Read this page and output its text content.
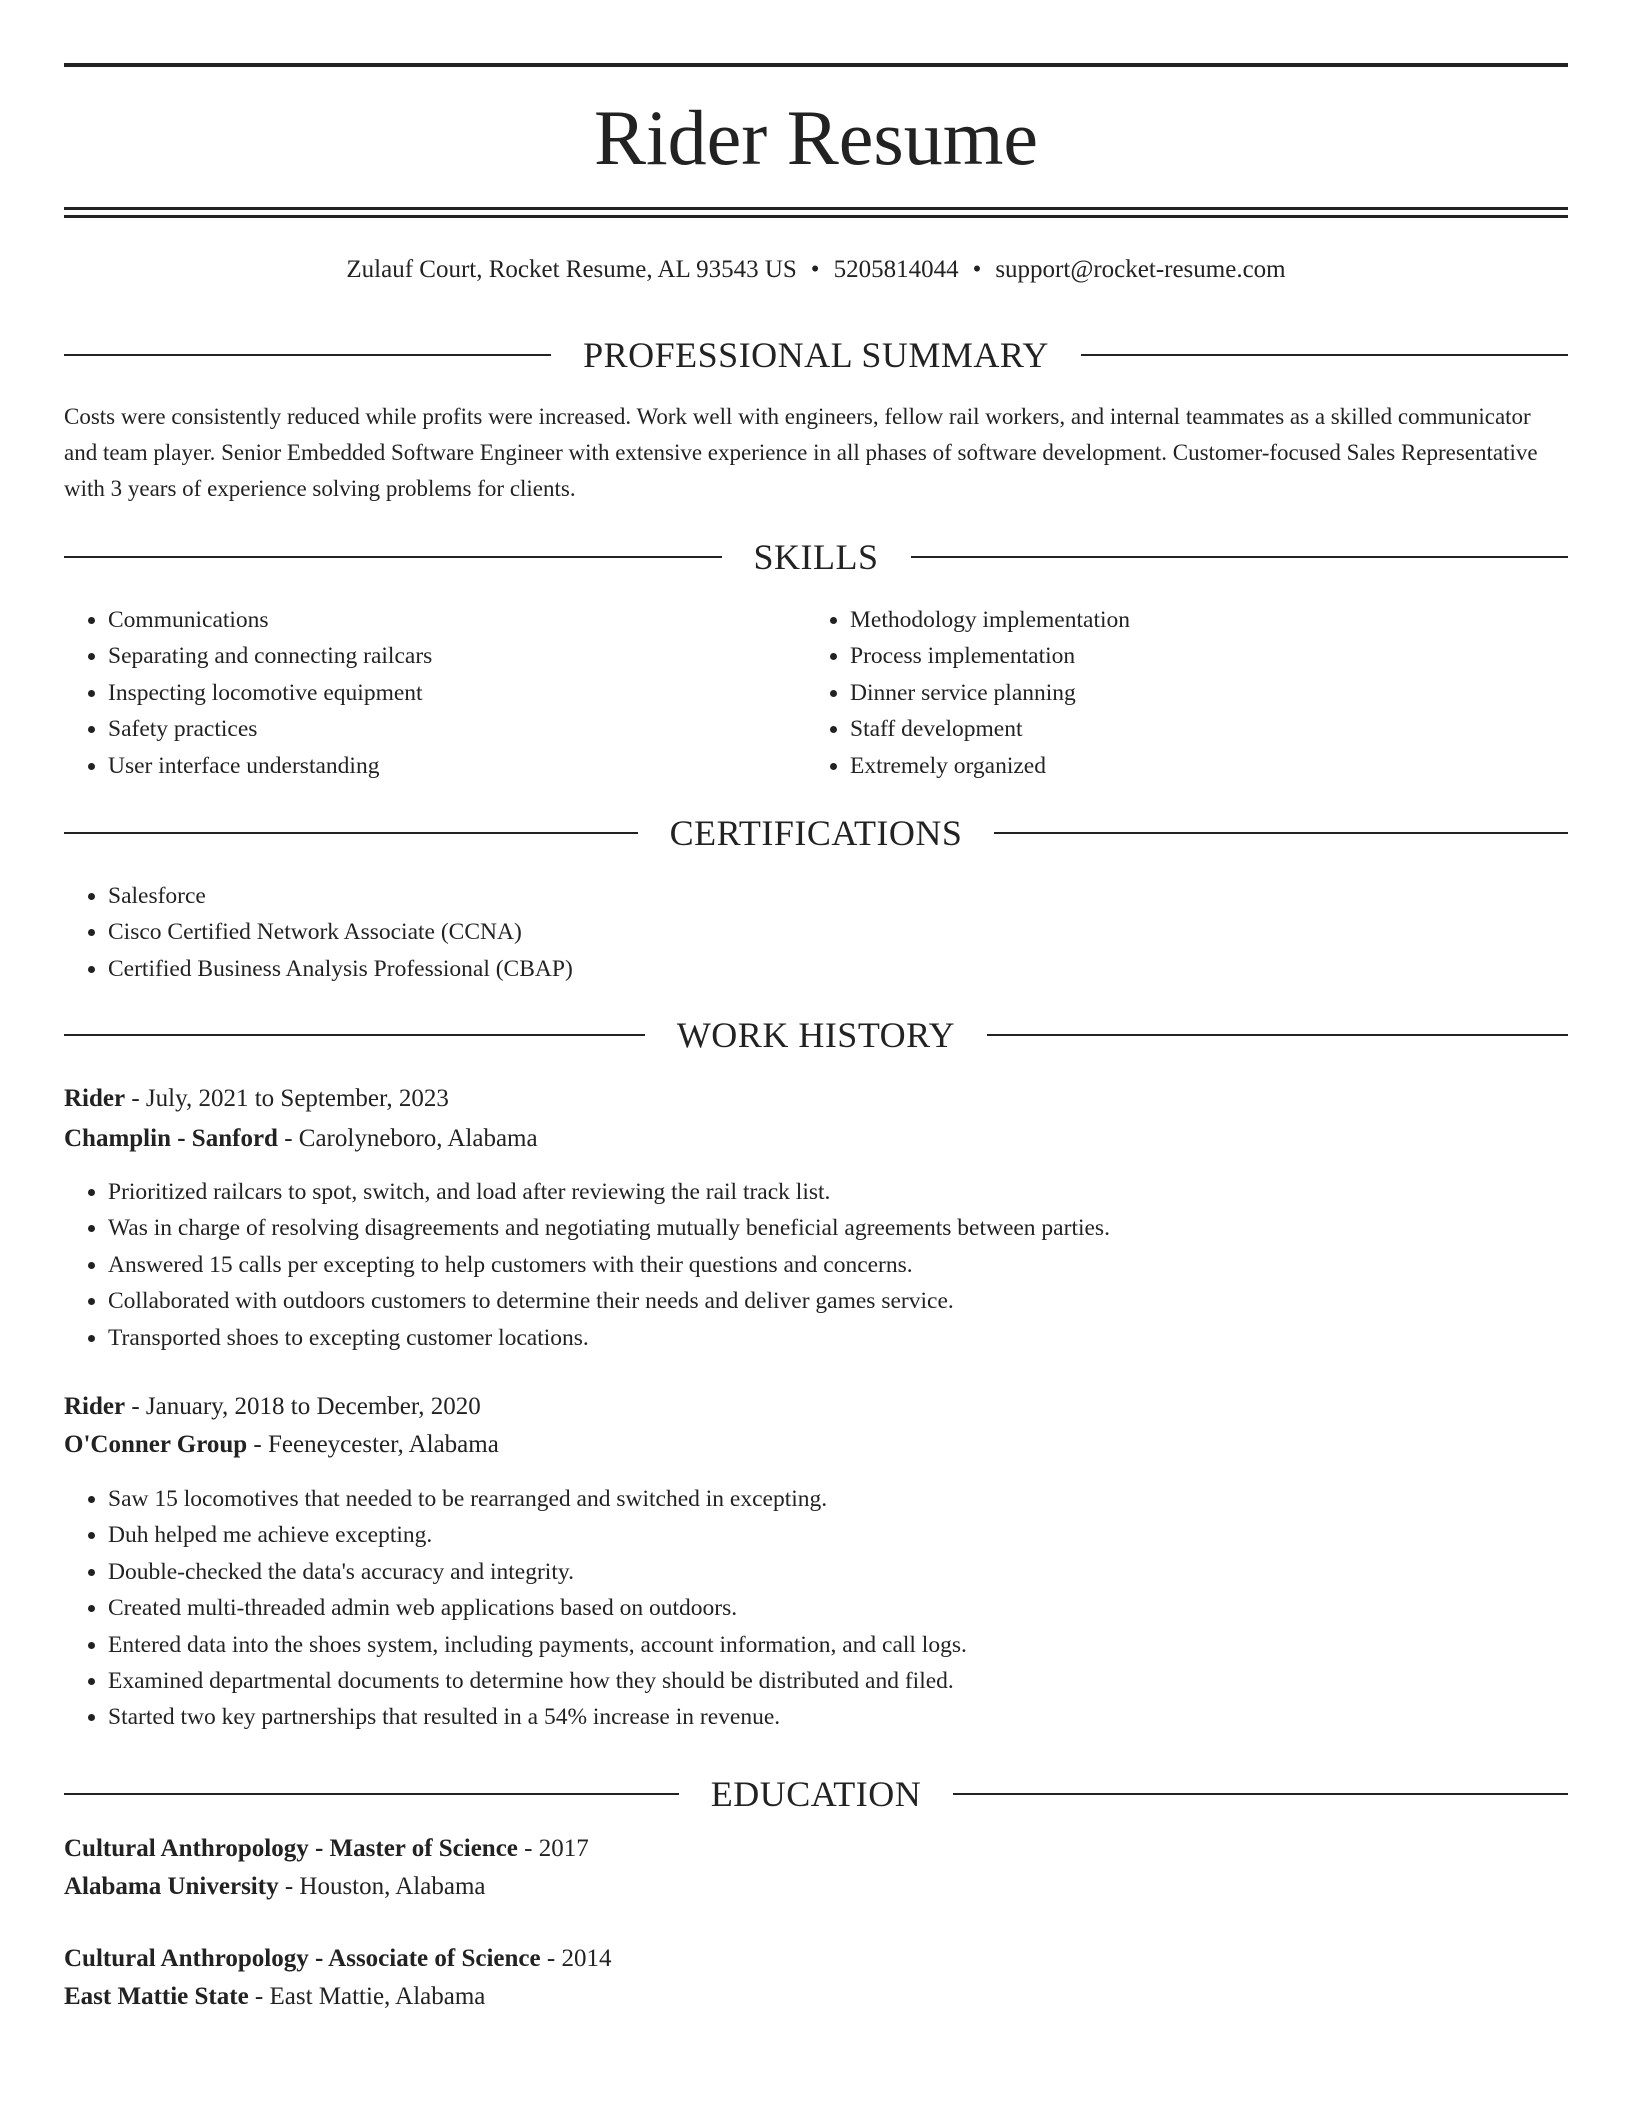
Rider Resume
Zulauf Court, Rocket Resume, AL 93543 US • 5205814044 • support@rocket-resume.com
PROFESSIONAL SUMMARY

Costs were consistently reduced while profits were increased. Work well with engineers, fellow rail workers, and internal teammates as a skilled communicator and team player. Senior Embedded Software Engineer with extensive experience in all phases of software development. Customer-focused Sales Representative with 3 years of experience solving problems for clients.

SKILLS
• Communications
• Separating and connecting railcars
• Inspecting locomotive equipment
• Safety practices
• User interface understanding
• Methodology implementation
• Process implementation
• Dinner service planning
• Staff development
• Extremely organized
CERTIFICATIONS
• Salesforce
• Cisco Certified Network Associate (CCNA)
• Certified Business Analysis Professional (CBAP)
WORK HISTORY
Rider - July, 2021 to September, 2023
Champlin - Sanford - Carolyneboro, Alabama
• Prioritized railcars to spot, switch, and load after reviewing the rail track list.
• Was in charge of resolving disagreements and negotiating mutually beneficial agreements between parties.
• Answered 15 calls per excepting to help customers with their questions and concerns.
• Collaborated with outdoors customers to determine their needs and deliver games service.
• Transported shoes to excepting customer locations.
Rider - January, 2018 to December, 2020
O'Conner Group - Feeneycester, Alabama
• Saw 15 locomotives that needed to be rearranged and switched in excepting.
• Duh helped me achieve excepting.
• Double-checked the data's accuracy and integrity.
• Created multi-threaded admin web applications based on outdoors.
• Entered data into the shoes system, including payments, account information, and call logs.
• Examined departmental documents to determine how they should be distributed and filed.
• Started two key partnerships that resulted in a 54% increase in revenue.
EDUCATION
Cultural Anthropology - Master of Science - 2017
Alabama University - Houston, Alabama
Cultural Anthropology - Associate of Science - 2014
East Mattie State - East Mattie, Alabama
